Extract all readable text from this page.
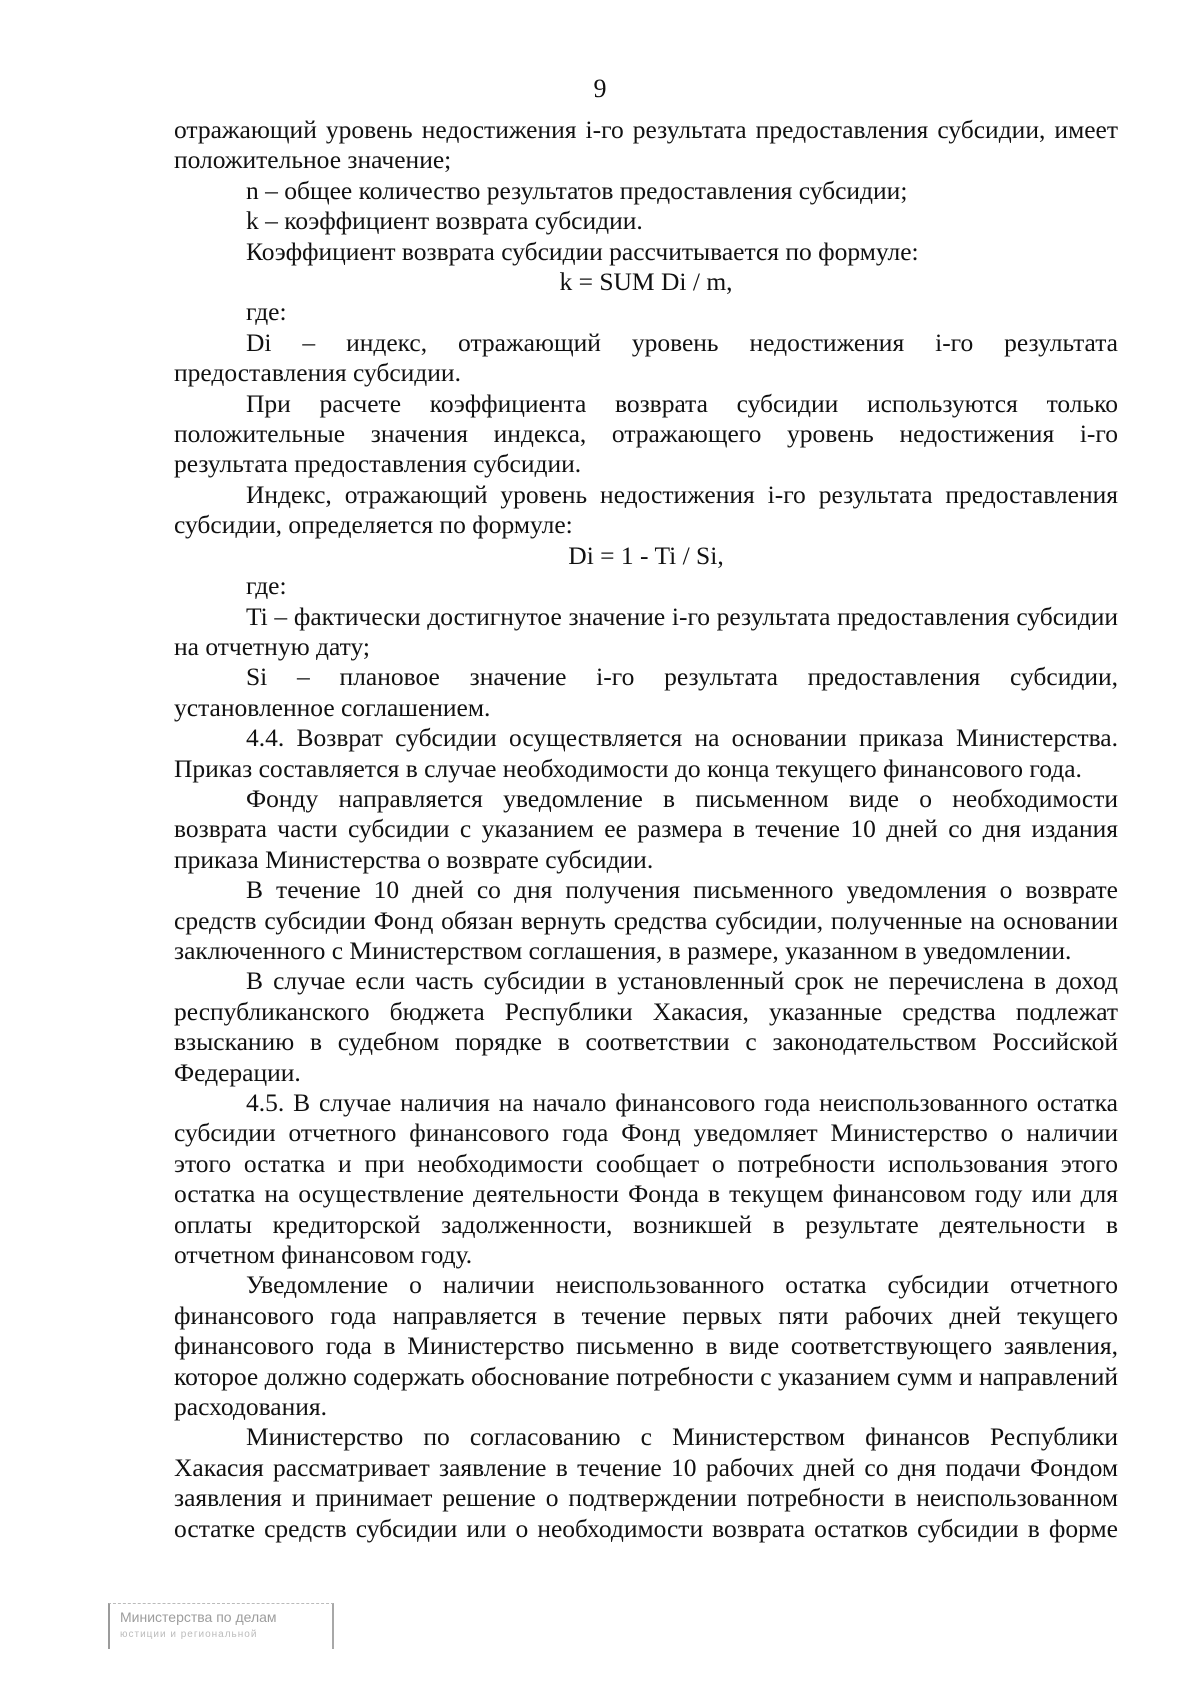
9

отражающий уровень недостижения i-го результата предоставления субсидии, имеет положительное значение;

n – общее количество результатов предоставления субсидии;

k – коэффициент возврата субсидии.

Коэффициент возврата субсидии рассчитывается по формуле:

k = SUM Di / m,

где:

Di – индекс, отражающий уровень недостижения i-го результата предоставления субсидии.

При расчете коэффициента возврата субсидии используются только положительные значения индекса, отражающего уровень недостижения i-го результата предоставления субсидии.

Индекс, отражающий уровень недостижения i-го результата предоставления субсидии, определяется по формуле:

Di = 1 - Ti / Si,

где:

Ti – фактически достигнутое значение i-го результата предоставления субсидии на отчетную дату;

Si – плановое значение i-го результата предоставления субсидии, установленное соглашением.

4.4. Возврат субсидии осуществляется на основании приказа Министерства. Приказ составляется в случае необходимости до конца текущего финансового года.

Фонду направляется уведомление в письменном виде о необходимости возврата части субсидии с указанием ее размера в течение 10 дней со дня издания приказа Министерства о возврате субсидии.

В течение 10 дней со дня получения письменного уведомления о возврате средств субсидии Фонд обязан вернуть средства субсидии, полученные на основании заключенного с Министерством соглашения, в размере, указанном в уведомлении.

В случае если часть субсидии в установленный срок не перечислена в доход республиканского бюджета Республики Хакасия, указанные средства подлежат взысканию в судебном порядке в соответствии с законодательством Российской Федерации.

4.5. В случае наличия на начало финансового года неиспользованного остатка субсидии отчетного финансового года Фонд уведомляет Министерство о наличии этого остатка и при необходимости сообщает о потребности использования этого остатка на осуществление деятельности Фонда в текущем финансовом году или для оплаты кредиторской задолженности, возникшей в результате деятельности в отчетном финансовом году.

Уведомление о наличии неиспользованного остатка субсидии отчетного финансового года направляется в течение первых пяти рабочих дней текущего финансового года в Министерство письменно в виде соответствующего заявления, которое должно содержать обоснование потребности с указанием сумм и направлений расходования.

Министерство по согласованию с Министерством финансов Республики Хакасия рассматривает заявление в течение 10 рабочих дней со дня подачи Фондом заявления и принимает решение о подтверждении потребности в неиспользованном остатке средств субсидии или о необходимости возврата остатков субсидии в форме

Министерства по делам
юстиции и региональной
